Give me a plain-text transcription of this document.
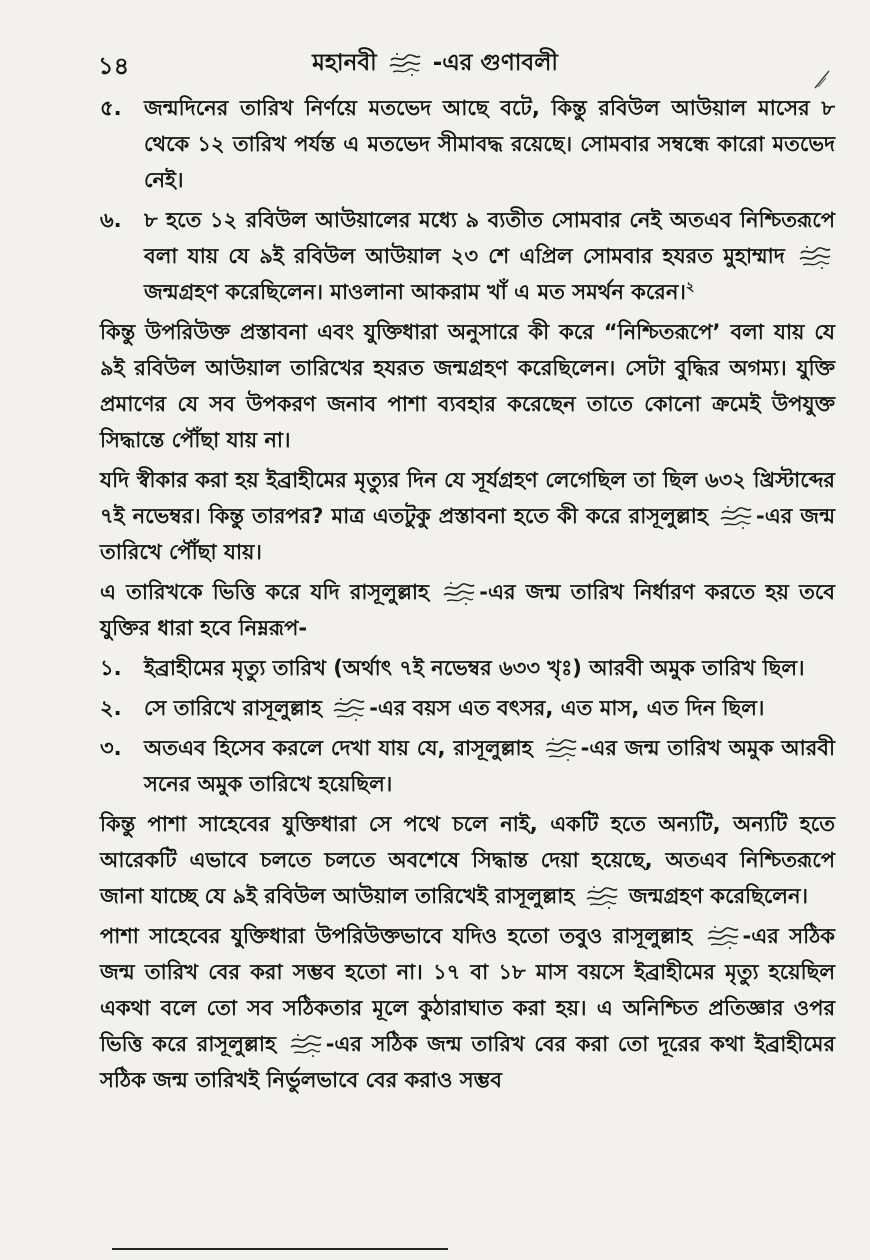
১৪	মহানবী -এর গুণাবলী
৫. জন্মদিনের তারিখ নির্ণয়ে মতভেদ আছে বটে, কিন্তু রবিউল আউয়াল মাসের ৮ থেকে ১২ তারিখ পর্যন্ত এ মতভেদ সীমাবদ্ধ রয়েছে। সোমবার সম্বন্ধে কারো মতভেদ নেই।
৬. ৮ হতে ১২ রবিউল আউয়ালের মধ্যে ৯ ব্যতীত সোমবার নেই অতএব নিশ্চিতরূপে বলা যায় যে ৯ই রবিউল আউয়াল ২৩ শে এপ্রিল সোমবার হযরত মুহাম্মাদ
জন্মগ্রহণ করেছিলেন। মাওলানা আকরাম খাঁ এ মত সমর্থন করেন।$^২$
কিন্তু উপরিউক্ত প্রস্তাবনা এবং যুক্তিধারা অনুসারে কী করে “নিশ্চিতরূপে’ বলা যায় যে ৯ই রবিউল আউয়াল তারিখের হযরত জন্মগ্রহণ করেছিলেন। সেটা বুদ্ধির অগম্য। যুক্তি প্রমাণের যে সব উপকরণ জনাব পাশা ব্যবহার করেছেন তাতে কোনো ক্রমেই উপযুক্ত সিদ্ধান্তে পৌঁছা যায় না।
যদি স্বীকার করা হয় ইব্রাহীমের মৃত্যুর দিন যে সূর্যগ্রহণ লেগেছিল তা ছিল ৬৩২ খ্রিস্টাব্দের ৭ই নভেম্বর। কিন্তু তারপর? মাত্র এতটুকু প্রস্তাবনা হতে কী করে রাসূলুল্লাহ -এর জন্ম তারিখে পৌঁছা যায়।
এ তারিখকে ভিত্তি করে যদি রাসূলুল্লাহ -এর জন্ম তারিখ নির্ধারণ করতে হয় তবে যুক্তির ধারা হবে নিম্নরূপ-
১. ইব্রাহীমের মৃত্যু তারিখ (অর্থাৎ ৭ই নভেম্বর ৬৩৩ খৃঃ) আরবী অমুক তারিখ ছিল।
২. সে তারিখে রাসূলুল্লাহ -এর বয়স এত বৎসর, এত মাস, এত দিন ছিল।
৩. অতএব হিসেব করলে দেখা যায় যে, রাসূলুল্লাহ -এর জন্ম তারিখ অমুক আরবী সনের অমুক তারিখে হয়েছিল।
কিন্তু পাশা সাহেবের যুক্তিধারা সে পথে চলে নাই, একটি হতে অন্যটি, অন্যটি হতে আরেকটি এভাবে চলতে চলতে অবশেষে সিদ্ধান্ত দেয়া হয়েছে, অতএব নিশ্চিতরূপে জানা যাচ্ছে যে ৯ই রবিউল আউয়াল তারিখেই রাসূলুল্লাহ	জন্মগ্রহণ করেছিলেন।
পাশা সাহেবের যুক্তিধারা উপরিউক্তভাবে যদিও হতো তবুও রাসূলুল্লাহ -এর সঠিক জন্ম তারিখ বের করা সম্ভব হতো না। ১৭ বা ১৮ মাস বয়সে ইব্রাহীমের মৃত্যু হয়েছিল একথা বলে তো সব সঠিকতার মূলে কুঠারাঘাত করা হয়। এ অনিশ্চিত প্রতিজ্ঞার ওপর ভিত্তি করে রাসূলুল্লাহ -এর সঠিক জন্ম তারিখ বের করা তো দূরের কথা ইব্রাহীমের সঠিক জন্ম তারিখই নির্ভুলভাবে বের করাও সম্ভব
